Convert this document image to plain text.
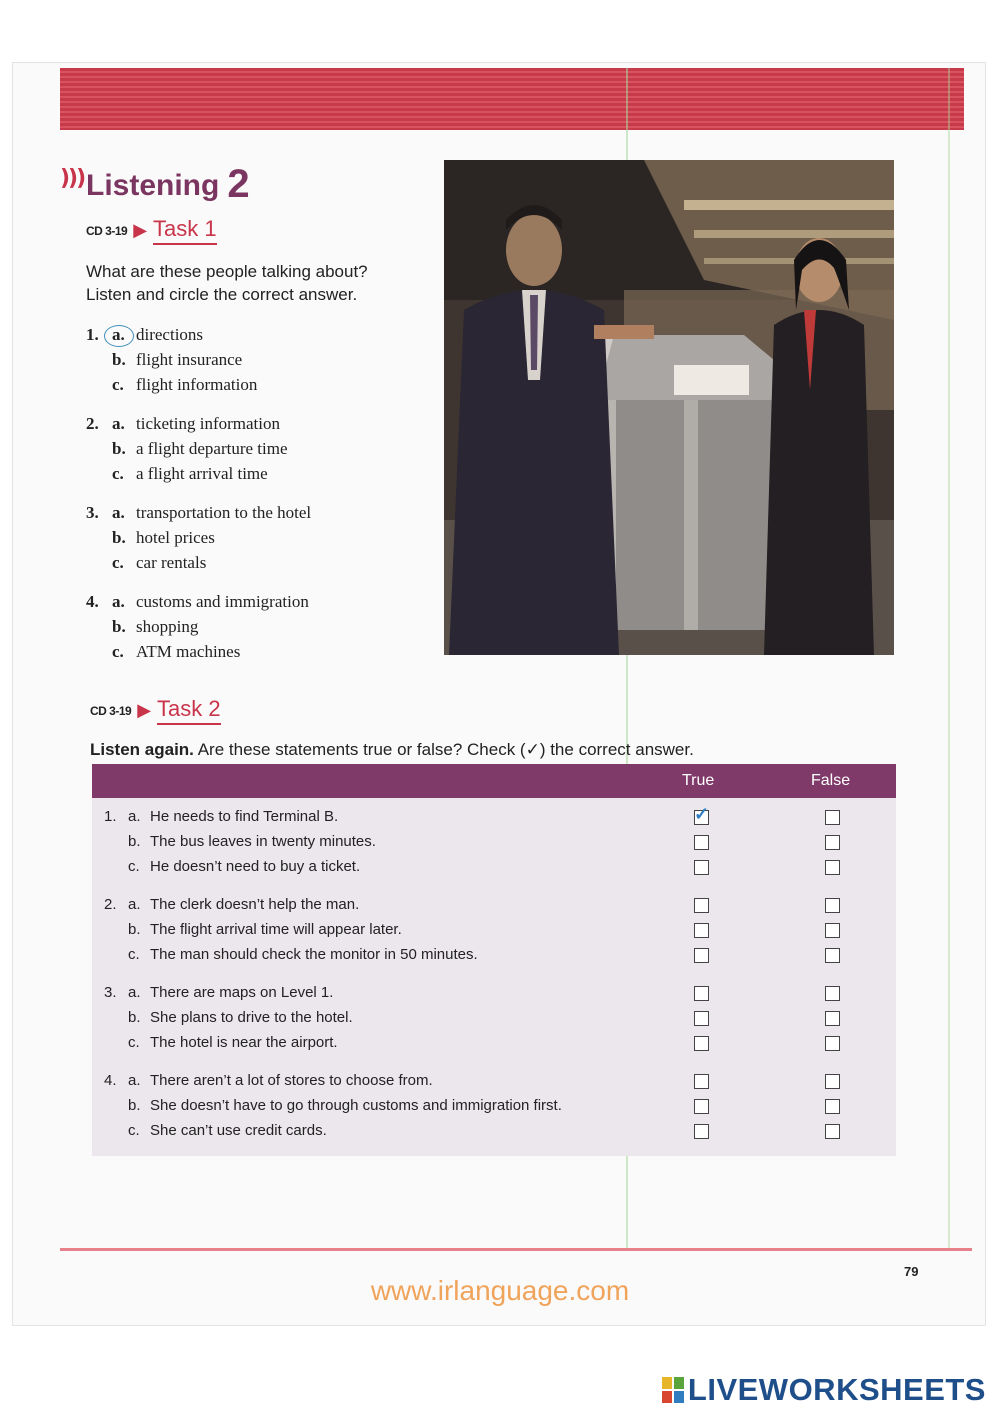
))) Listening 2
CD 3-19 ▶ Task 1
What are these people talking about?
Listen and circle the correct answer.
1. a. directions
b. flight insurance
c. flight information
2. a. ticketing information
b. a flight departure time
c. a flight arrival time
3. a. transportation to the hotel
b. hotel prices
c. car rentals
4. a. customs and immigration
b. shopping
c. ATM machines
CD 3-19 ▶ Task 2
Listen again. Are these statements true or false? Check (✓) the correct answer.
True	False
1. a. He needs to find Terminal B.	✓
b. The bus leaves in twenty minutes.
c. He doesn’t need to buy a ticket.
2. a. The clerk doesn’t help the man.
b. The flight arrival time will appear later.
c. The man should check the monitor in 50 minutes.
3. a. There are maps on Level 1.
b. She plans to drive to the hotel.
c. The hotel is near the airport.
4. a. There aren’t a lot of stores to choose from.
b. She doesn’t have to go through customs and immigration first.
c. She can’t use credit cards.
79
www.irlanguage.com
LIVEWORKSHEETS
